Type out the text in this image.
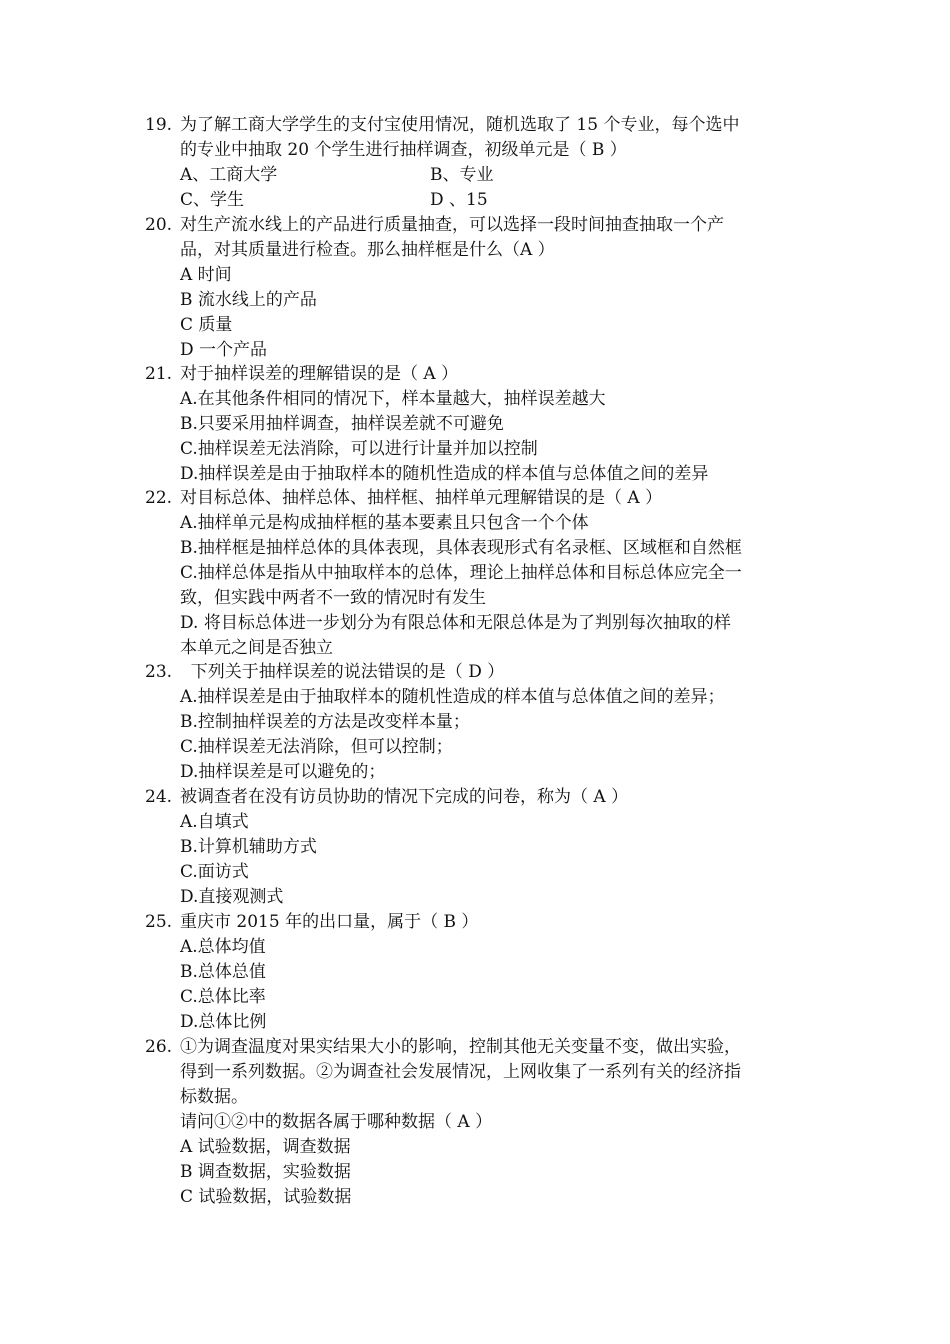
19. 为了解工商大学学生的支付宝使用情况，随机选取了 15 个专业，每个选中
的专业中抽取 20 个学生进行抽样调查，初级单元是（ B ）
A、工商大学	B、专业
C、学生	D 、15
20. 对生产流水线上的产品进行质量抽查，可以选择一段时间抽查抽取一个产
品，对其质量进行检查。那么抽样框是什么（A ）
A 时间
B 流水线上的产品
C 质量
D 一个产品
21. 对于抽样误差的理解错误的是（ A ）
A.在其他条件相同的情况下，样本量越大，抽样误差越大
B.只要采用抽样调查，抽样误差就不可避免
C.抽样误差无法消除，可以进行计量并加以控制
D.抽样误差是由于抽取样本的随机性造成的样本值与总体值之间的差异
22. 对目标总体、抽样总体、抽样框、抽样单元理解错误的是（ A ）
A.抽样单元是构成抽样框的基本要素且只包含一个个体
B.抽样框是抽样总体的具体表现，具体表现形式有名录框、区域框和自然框
C.抽样总体是指从中抽取样本的总体，理论上抽样总体和目标总体应完全一
致，但实践中两者不一致的情况时有发生
D. 将目标总体进一步划分为有限总体和无限总体是为了判别每次抽取的样
本单元之间是否独立
23. 下列关于抽样误差的说法错误的是（ D ）
A.抽样误差是由于抽取样本的随机性造成的样本值与总体值之间的差异；
B.控制抽样误差的方法是改变样本量；
C.抽样误差无法消除，但可以控制；
D.抽样误差是可以避免的；
24. 被调查者在没有访员协助的情况下完成的问卷，称为（ A ）
A.自填式
B.计算机辅助方式
C.面访式
D.直接观测式
25. 重庆市 2015 年的出口量，属于（ B ）
A.总体均值
B.总体总值
C.总体比率
D.总体比例
26. ①为调查温度对果实结果大小的影响，控制其他无关变量不变，做出实验，
得到一系列数据。②为调查社会发展情况，上网收集了一系列有关的经济指
标数据。
请问①②中的数据各属于哪种数据（ A ）
A 试验数据，调查数据
B 调查数据，实验数据
C 试验数据，试验数据
